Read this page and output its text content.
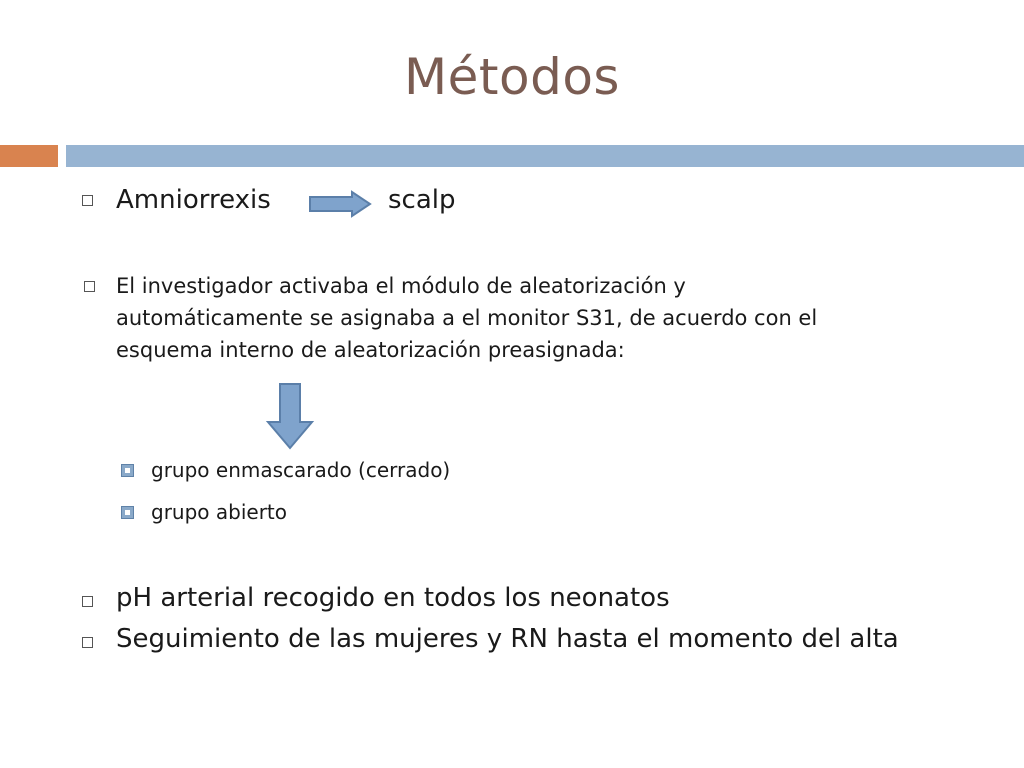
Métodos
Amniorrexis	scalp
El investigador activaba el módulo de aleatorización y
automáticamente se asignaba a el monitor S31, de acuerdo con el
esquema interno de aleatorización preasignada:
grupo enmascarado (cerrado)
grupo abierto
pH arterial recogido en todos los neonatos
Seguimiento de las mujeres y RN hasta el momento del alta
